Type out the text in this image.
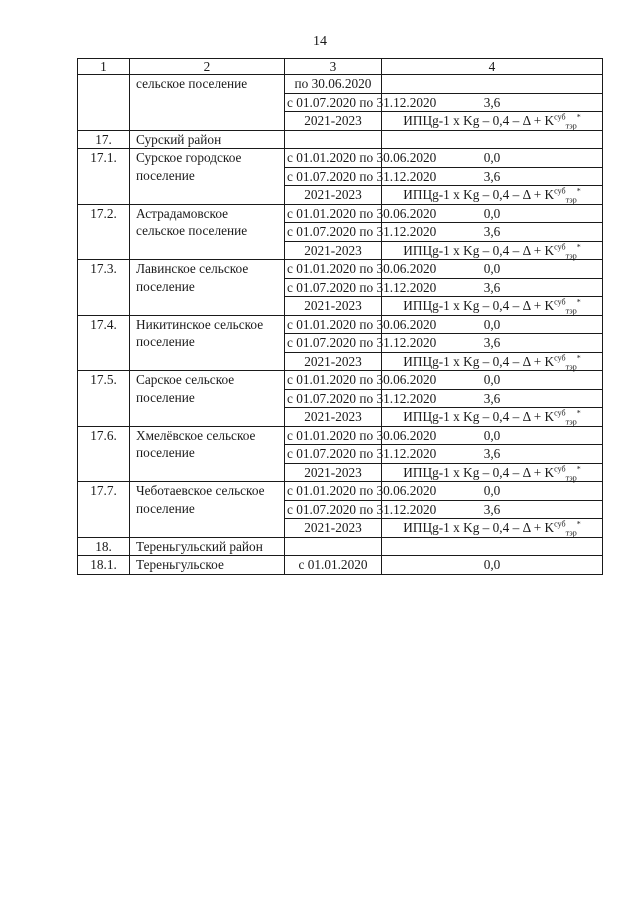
14
1	2	3	4
	сельское поселение	по 30.06.2020	
		с 01.07.2020 по 31.12.2020	3,6
		2021-2023	ИПЦg-1 x $Kg - 0,4 - \Delta + K^{суб}_{тэр}^*$
17.	Сурский район		
17.1.	Сурское городское поселение	с 01.01.2020 по 30.06.2020	0,0
		с 01.07.2020 по 31.12.2020	3,6
		2021-2023	ИПЦg-1 x $Kg - 0,4 - \Delta + K^{суб}_{тэр}^*$
17.2.	Астрадамовское сельское поселение	с 01.01.2020 по 30.06.2020	0,0
		с 01.07.2020 по 31.12.2020	3,6
		2021-2023	ИПЦg-1 x $Kg - 0,4 - \Delta + K^{суб}_{тэр}^*$
17.3.	Лавинское сельское поселение	с 01.01.2020 по 30.06.2020	0,0
		с 01.07.2020 по 31.12.2020	3,6
		2021-2023	ИПЦg-1 x $Kg - 0,4 - \Delta + K^{суб}_{тэр}^*$
17.4.	Никитинское сельское поселение	с 01.01.2020 по 30.06.2020	0,0
		с 01.07.2020 по 31.12.2020	3,6
		2021-2023	ИПЦg-1 x $Kg - 0,4 - \Delta + K^{суб}_{тэр}^*$
17.5.	Сарское сельское поселение	с 01.01.2020 по 30.06.2020	0,0
		с 01.07.2020 по 31.12.2020	3,6
		2021-2023	ИПЦg-1 x $Kg - 0,4 - \Delta + K^{суб}_{тэр}^*$
17.6.	Хмелёвское сельское поселение	с 01.01.2020 по 30.06.2020	0,0
		с 01.07.2020 по 31.12.2020	3,6
		2021-2023	ИПЦg-1 x $Kg - 0,4 - \Delta + K^{суб}_{тэр}^*$
17.7.	Чеботаевское сельское поселение	с 01.01.2020 по 30.06.2020	0,0
		с 01.07.2020 по 31.12.2020	3,6
		2021-2023	ИПЦg-1 x $Kg - 0,4 - \Delta + K^{суб}_{тэр}^*$
18.	Тереньгульский район		
18.1.	Тереньгульское	с 01.01.2020	0,0
